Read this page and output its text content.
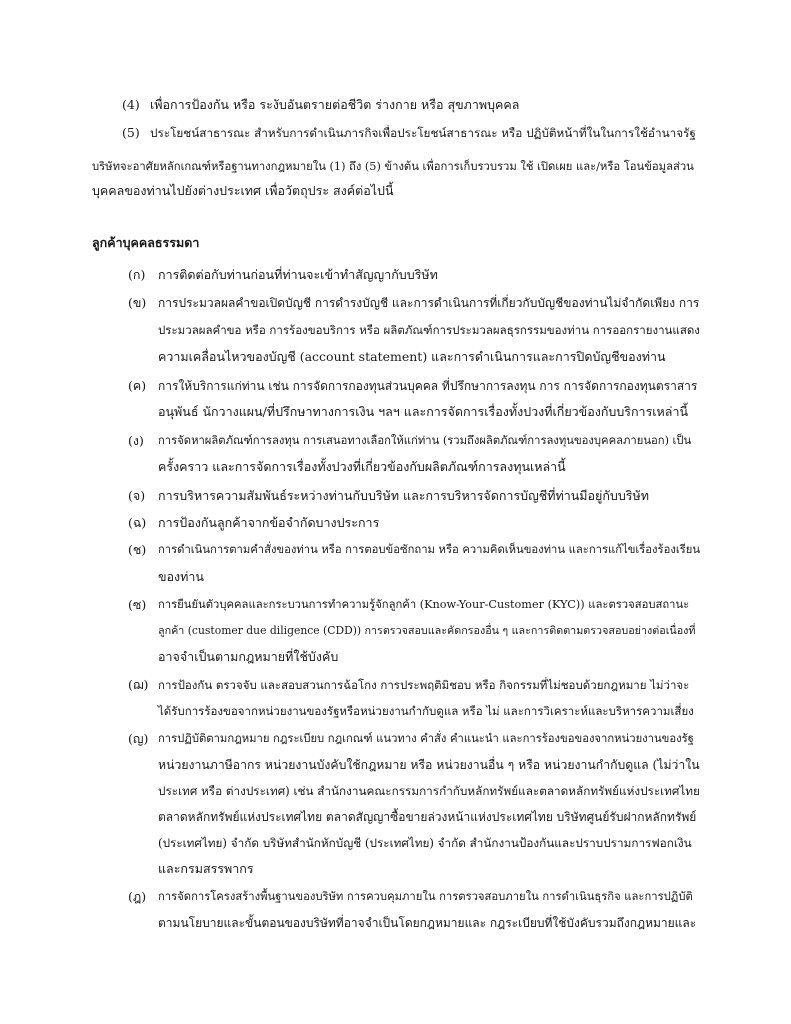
(4) เพื่อการป้องกัน หรือ ระงับอันตรายต่อชีวิต ร่างกาย หรือ สุขภาพบุคคล
(5) ประโยชน์สาธารณะ สำหรับการดำเนินภารกิจเพื่อประโยชน์สาธารณะ หรือ ปฏิบัติหน้าที่ในในการใช้อำนาจรัฐ
บริษัทจะอาศัยหลักเกณฑ์หรือฐานทางกฎหมายใน (1) ถึง (5) ข้างต้น เพื่อการเก็บรวบรวม ใช้ เปิดเผย และ/หรือ โอนข้อมูลส่วน
บุคคลของท่านไปยังต่างประเทศ เพื่อวัตถุประ สงค์ต่อไปนี้
ลูกค้าบุคคลธรรมดา
(ก) การติดต่อกับท่านก่อนที่ท่านจะเข้าทำสัญญากับบริษัท
(ข) การประมวลผลคำขอเปิดบัญชี การดำรงบัญชี และการดำเนินการที่เกี่ยวกับบัญชีของท่านไม่จำกัดเพียง การ
ประมวลผลคำขอ หรือ การร้องขอบริการ หรือ ผลิตภัณฑ์การประมวลผลธุรกรรมของท่าน การออกรายงานแสดง
ความเคลื่อนไหวของบัญชี (account statement) และการดำเนินการและการปิดบัญชีของท่าน
(ค) การให้บริการแก่ท่าน เช่น การจัดการกองทุนส่วนบุคคล ที่ปรึกษาการลงทุน การ การจัดการกองทุนตราสาร
อนุพันธ์ นักวางแผน/ที่ปรึกษาทางการเงิน ฯลฯ และการจัดการเรื่องทั้งปวงที่เกี่ยวข้องกับบริการเหล่านี้
(ง) การจัดหาผลิตภัณฑ์การลงทุน การเสนอทางเลือกให้แก่ท่าน (รวมถึงผลิตภัณฑ์การลงทุนของบุคคลภายนอก) เป็น
ครั้งคราว และการจัดการเรื่องทั้งปวงที่เกี่ยวข้องกับผลิตภัณฑ์การลงทุนเหล่านี้
(จ) การบริหารความสัมพันธ์ระหว่างท่านกับบริษัท และการบริหารจัดการบัญชีที่ท่านมีอยู่กับบริษัท
(ฉ) การป้องกันลูกค้าจากข้อจำกัดบางประการ
(ช) การดำเนินการตามคำสั่งของท่าน หรือ การตอบข้อซักถาม หรือ ความคิดเห็นของท่าน และการแก้ไขเรื่องร้องเรียน
ของท่าน
(ซ) การยืนยันตัวบุคคลและกระบวนการทำความรู้จักลูกค้า (Know-Your-Customer (KYC)) และตรวจสอบสถานะ
ลูกค้า (customer due diligence (CDD)) การตรวจสอบและคัดกรองอื่น ๆ และการติดตามตรวจสอบอย่างต่อเนื่องที่
อาจจำเป็นตามกฎหมายที่ใช้บังคับ
(ฌ) การป้องกัน ตรวจจับ และสอบสวนการฉ้อโกง การประพฤติมิชอบ หรือ กิจกรรมที่ไม่ชอบด้วยกฎหมาย ไม่ว่าจะ
ได้รับการร้องขอจากหน่วยงานของรัฐหรือหน่วยงานกำกับดูแล หรือ ไม่ และการวิเคราะห์และบริหารความเสี่ยง
(ญ) การปฏิบัติตามกฎหมาย กฎระเบียบ กฎเกณฑ์ แนวทาง คำสั่ง คำแนะนำ และการร้องขอของจากหน่วยงานของรัฐ
หน่วยงานภาษีอากร หน่วยงานบังคับใช้กฎหมาย หรือ หน่วยงานอื่น ๆ หรือ หน่วยงานกำกับดูแล (ไม่ว่าใน
ประเทศ หรือ ต่างประเทศ) เช่น สำนักงานคณะกรรมการกำกับหลักทรัพย์และตลาดหลักทรัพย์แห่งประเทศไทย
ตลาดหลักทรัพย์แห่งประเทศไทย ตลาดสัญญาซื้อขายล่วงหน้าแห่งประเทศไทย บริษัทศูนย์รับฝากหลักทรัพย์
(ประเทศไทย) จำกัด บริษัทสำนักหักบัญชี (ประเทศไทย) จำกัด สำนักงานป้องกันและปราบปรามการฟอกเงิน
และกรมสรรพากร
(ฎ) การจัดการโครงสร้างพื้นฐานของบริษัท การควบคุมภายใน การตรวจสอบภายใน การดำเนินธุรกิจ และการปฏิบัติ
ตามนโยบายและขั้นตอนของบริษัทที่อาจจำเป็นโดยกฎหมายและ กฎระเบียบที่ใช้บังคับรวมถึงกฎหมายและ
